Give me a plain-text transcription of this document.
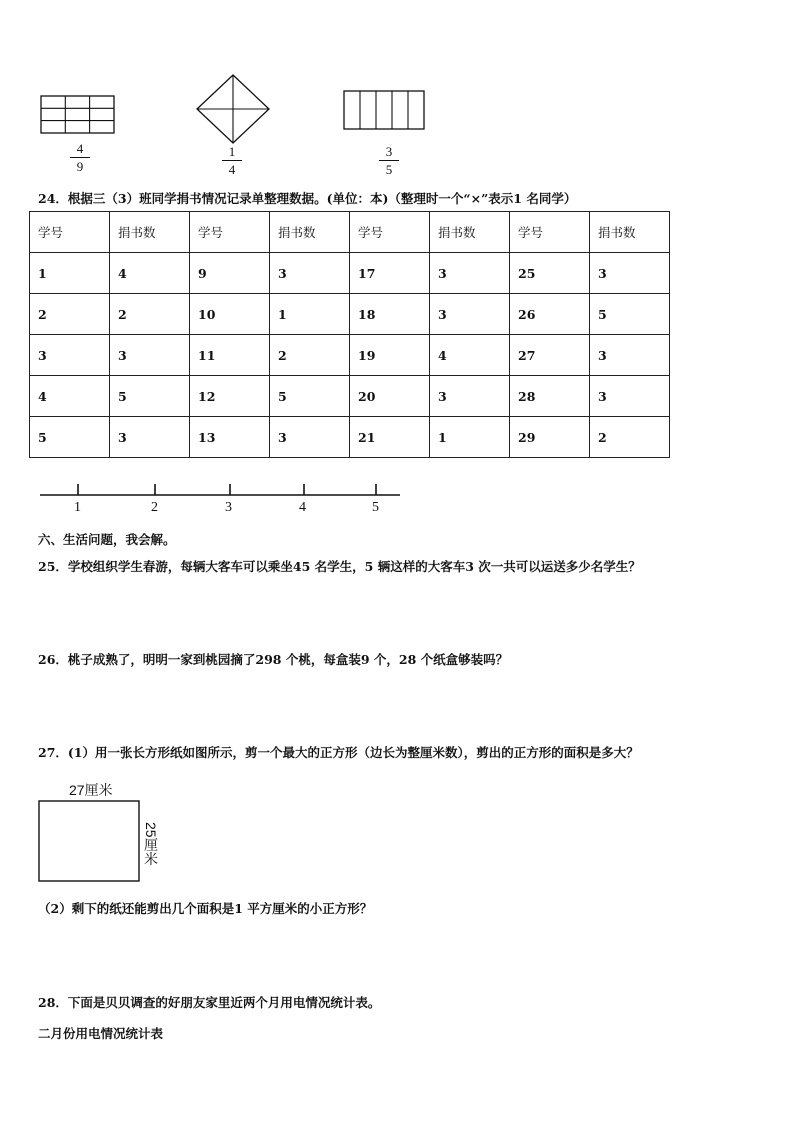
4
9
1
4
3
5
24．根据三（3）班同学捐书情况记录单整理数据。(单位：本)（整理时一个“×”表示1 名同学）
学号	捐书数	学号	捐书数	学号	捐书数	学号	捐书数
1	4	9	3	17	3	25	3
2	2	10	1	18	3	26	5
3	3	11	2	19	4	27	3
4	5	12	5	20	3	28	3
5	3	13	3	21	1	29	2
1	2	3	4	5
六、生活问题，我会解。
25．学校组织学生春游，每辆大客车可以乘坐45 名学生，5 辆这样的大客车3 次一共可以运送多少名学生？
26．桃子成熟了，明明一家到桃园摘了298 个桃，每盒装9 个，28 个纸盒够装吗？
27．(1）用一张长方形纸如图所示，剪一个最大的正方形（边长为整厘米数），剪出的正方形的面积是多大？
27厘米
25厘米
（2）剩下的纸还能剪出几个面积是1 平方厘米的小正方形？
28．下面是贝贝调查的好朋友家里近两个月用电情况统计表。
二月份用电情况统计表
